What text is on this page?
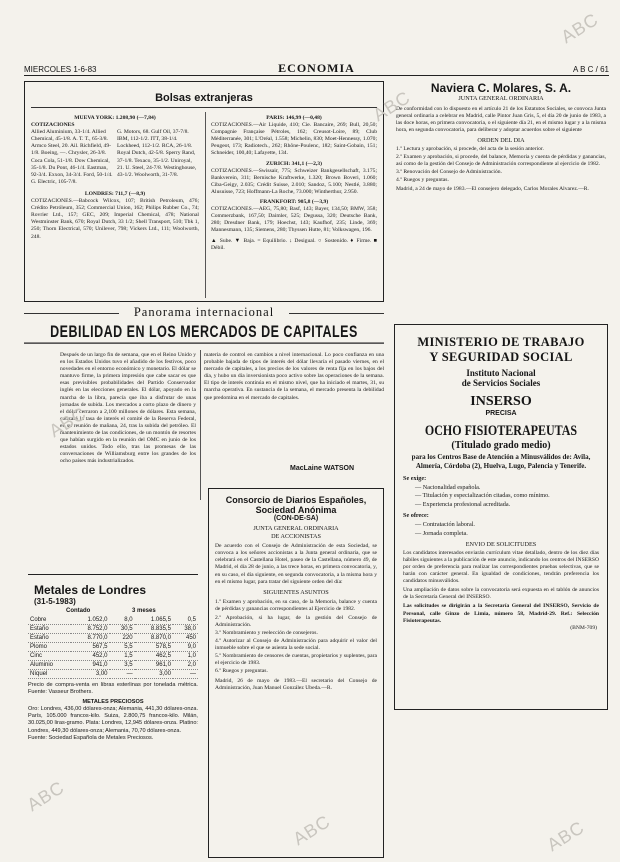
MIERCOLES 1-6-83	ECONOMIA	A B C / 61
Bolsas extranjeras
MUEVA YORK: 1.208,90 (—7,84)
COTIZACIONES
Allied Aluminium, 33-1/4. Allied Chemical, 45-1/8. A. T. T., 65-3/8. Armco Steel, 20. Ail. Richfield, 49-1/8. Boeing, —. Chrysler, 26-3/8. Coca Cola, 51-1/8. Dow Chemical, 35-1/8. Du Pont, 46-1/4. Eastman, 92-3/4. Exxon, 34-3/4. Ford, 50-1/4. G. Electric, 105-7/8.
G. Motors, 68. Gulf Oil, 37-7/8. IBM, 112-1/2. ITT, 38-1/4. Lockheed, 112-1/2. RCA, 26-1/8. Royal Dutch, 42-5/8. Sperry Rand, 37-1/8. Texaco, 35-1/2. Uniroyal, 21. U. Steel, 24-7/8. Westinghouse, 43-1/2. Woolworth, 31-7/8.
LONDRES: 711,7 (—8,9)
COTIZACIONES.—Babcock Wilcox, 107; British Petroleum, 476; Crédito Petróleum, 352; Commercial Union, 162; Philips Rubber Co., 74; Rovrier Ltd., 157; GEC, 209; Imperial Chemical, 478; National Westminster Bank, 670; Royal Dutch, 33 1/2; Shell Transport, 510; Tbk 1, 250; Thorn Electrical, 570; Unilever, 798; Vickers Ltd., 111; Woolworth, 248.
PARIS: 146,99 (—0,48)
COTIZACIONES.—Air Liquide, 410; Cie. Bancaire, 269; Bull, 20,50; Compagnie Française Pétroles, 162; Creusot-Loire, 89; Club Méditerranée, 301; L'Oréal, 1.558; Michelin, 830; Moet-Hennessy, 1.070; Peugeot, 173; Radiotech., 262; Rhône-Poulenc, 182; Saint-Gobain, 151; Schneider, 100,40; Lafayette, 134.
ZURICH: 341,1 (—2,3)
COTIZACIONES.—Swissair, 775; Schweizer Bankgesellschaft, 3.175; Bankverein, 311; Bernische Kraftwerke, 1.320; Brown Boveri, 1.060; Ciba-Geigy, 2.035; Crédit Suisse, 2.010; Sandoz, 5.100; Nestlé, 3.880; Alusuisse, 723; Hoffmann-La Roche, 73.000; Wintherthur, 2.950.
FRANKFORT: 905,8 (—3,9)
COTIZACIONES.—AEG, 75,80; Basf, 143; Bayer, 134,50; BMW, 358; Commerzbank, 167,50; Daimler, 525; Degussa, 320; Deutsche Bank, 280; Dresdner Bank, 179; Hoechst, 143; Kaufhof, 235; Linde, 369; Mannesmann, 135; Siemens, 280; Thyssen Hutte, 81; Volkswagen, 196.
▲ Sube. ▼ Baja. = Equilibrio. ↓ Desigual. ○ Sostenido. ♦ Firme. ■ Débil.
Panorama internacional
DEBILIDAD EN LOS MERCADOS DE CAPITALES
Después de un largo fin de semana, que en el Reino Unido y en los Estados Unidos tuvo el añadido de los festivos, poco novedades en el entorno económico y monetario. El dólar se mantuvo firme, la primera impresión que cabe sacar es que esas previsibles probabilidades del Partido Conservador inglés en las elecciones generales. El dólar, apoyado en la marcha de la libra, parecía que iba a disfrutar de unas jornadas de subida. Los mercados a corto plazo de dinero y el dólar cerraron a 2,100 millones de dólares. Esta semana, cotizará la tasa de interés el comité de la Reserva Federal, en su reunión de mañana, 24, tras la subida del petróleo. El mantenimiento de las condiciones, de un montón de resortes que habían surgido en la reunión del OMC en junio de los estados unidos. Todo ello, tras las promesas de las conversaciones de Williamsburg entre los grandes de los ocho países más industrializados.
materia de control en cambios a nivel internacional. Lo poco confianza en una probable bajada de tipos de interés del dólar llevaría el pasado viernes, en el mercado de capitales, a los precios de los valores de renta fija en los bajos del día, y hubo un día inversionista poco activo sobre las operaciones de la semana. El tipo de interés continúa en el mismo nivel, que ha iniciado el martes, 31, su marcha operativa. En sustancia de la semana, el mercado presenta la debilidad que predomina en el mercado de capitales.
MacLaine WATSON
Metales de Londres
(31-5-1983)
Contado	3 meses
Cobre	1.052,0	8,0	1.065,5	0,5
Estaño	8.752,0	30,5	8.835,5	38,0
Estaño	8.770,0	220	8.870,0	450
Plomo	567,5	5,5	578,5	9,0
Cinc	452,0	1,5	462,5	1,0
Aluminio	941,0	3,5	961,0	2,0
Níquel	3,00	—	3,00	—
Precio de compra-venta en libras esterlinas por tonelada métrica. Fuente: Vasseur Brothers.
METALES PRECIOSOS
Oro: Londres, 436,00 dólares-onza; Alemania, 441,30 dólares-onza. París, 105.000 francos-kilo. Suiza, 2.800,75 francos-kilo. Milán, 30.025,00 liras-gramo. Plata: Londres, 12,945 dólares-onza. Platino: Londres, 449,30 dólares-onza; Alemania, 70,70 dólares-onza.
Fuente: Sociedad Española de Metales Preciosos.
Consorcio de Diarios Españoles, Sociedad Anónima
(CON-DE-SA)
JUNTA GENERAL ORDINARIA
DE ACCIONISTAS
De acuerdo con el Consejo de Administración de esta Sociedad, se convoca a los señores accionistas a la Junta general ordinaria, que se celebrará en el Castellana Hotel, paseo de la Castellana, número 49, de Madrid, el día 28 de junio, a las trece horas, en primera convocatoria, y, en su caso, el día siguiente, en segunda convocatoria, a la misma hora y en el mismo lugar, para tratar del siguiente orden del día:
SIGUIENTES ASUNTOS
1.º Examen y aprobación, en su caso, de la Memoria, balance y cuenta de pérdidas y ganancias correspondientes al Ejercicio de 1982.
2.º Aprobación, si ha lugar, de la gestión del Consejo de Administración.
3.º Nombramiento y reelección de consejeros.
4.º Autorizar al Consejo de Administración para adquirir el valor del inmueble sobre el que se asienta la sede social.
5.º Nombramiento de censores de cuentas, propietarios y suplentes, para el ejercicio de 1983.
6.º Ruegos y preguntas.
Madrid, 26 de mayo de 1983.—El secretario del Consejo de Administración, Juan Manuel González Ubeda.—R.
Naviera C. Molares, S. A.
JUNTA GENERAL ORDINARIA
De conformidad con lo dispuesto en el artículo 21 de los Estatutos Sociales, se convoca Junta general ordinaria a celebrar en Madrid, calle Pintor Juan Gris, 5, el día 20 de junio de 1983, a las doce horas, en primera convocatoria, o el siguiente día 21, en el mismo lugar y a la misma hora, en segunda convocatoria, para deliberar y adoptar acuerdos sobre el siguiente
ORDEN DEL DIA
1.º Lectura y aprobación, si procede, del acta de la sesión anterior.
2.º Examen y aprobación, si procede, del balance, Memoria y cuenta de pérdidas y ganancias, así como de la gestión del Consejo de Administración correspondiente al ejercicio de 1982.
3.º Renovación del Consejo de Administración.
4.º Ruegos y preguntas.
Madrid, a 24 de mayo de 1983.—El consejero delegado, Carlos Morales Alvarez.—R.
MINISTERIO DE TRABAJO
Y SEGURIDAD SOCIAL
Instituto Nacional
de Servicios Sociales
INSERSO
PRECISA
OCHO FISIOTERAPEUTAS
(Titulado grado medio)
para los Centros Base de Atención a Minusválidos de: Avila, Almería, Córdoba (2), Huelva, Lugo, Palencia y Tenerife.
Se exige:
— Nacionalidad española.
— Titulación y especialización citadas, como mínimo.
— Experiencia profesional acreditada.
Se ofrece:
— Contratación laboral.
— Jornada completa.
ENVIO DE SOLICITUDES
Los candidatos interesados enviarán currículum vitae detallado, dentro de los diez días hábiles siguientes a la publicación de este anuncio, indicando los centros del INSERSO por orden de preferencia para realizar las correspondientes pruebas selectivas, que se harán con carácter general. En igualdad de condiciones, tendrán preferencia los candidatos minusválidos.
Una ampliación de datos sobre la convocatoria será expuesta en el tablón de anuncios de la Secretaría General del INSERSO.
Las solicitudes se dirigirán a la Secretaría General del INSERSO, Servicio de Personal, calle Ginzo de Limia, número 58, Madrid-29. Ref.: Selección Fisioterapeutas.
(BNM-709)
ABC
ABC
ABC
ABC
ABC	ABC
